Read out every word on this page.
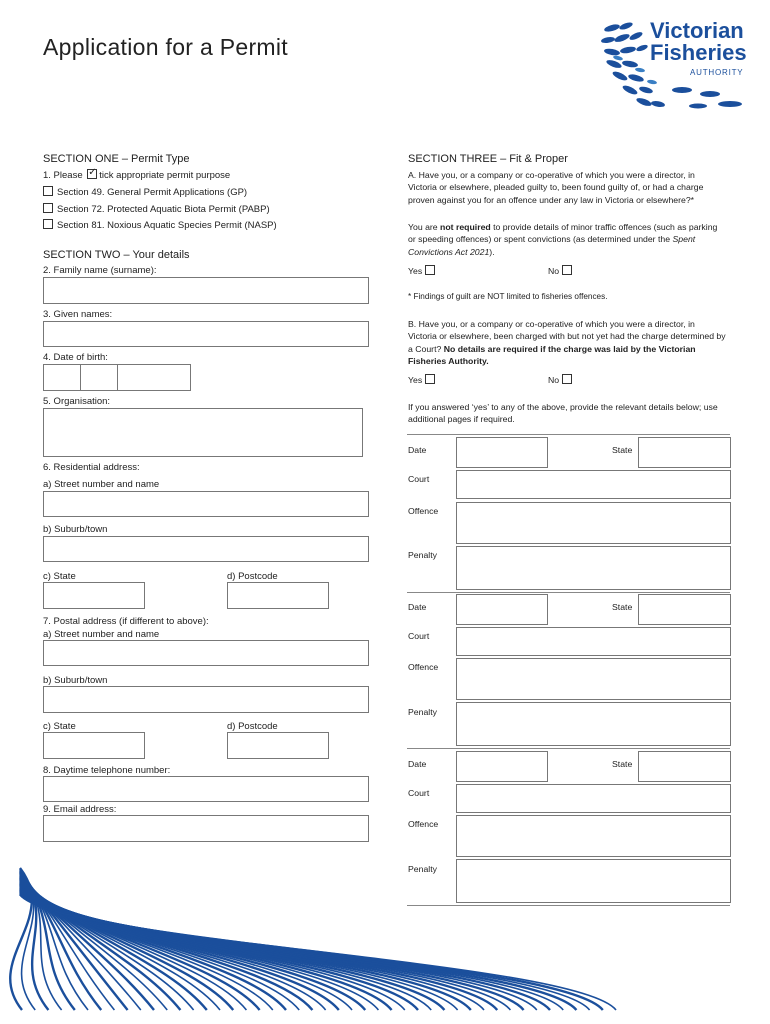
Application for a Permit
Victorian
Fisheries
AUTHORITY
SECTION ONE – Permit Type
1. Please ✓ tick appropriate permit purpose
Section 49. General Permit Applications (GP)
Section 72. Protected Aquatic Biota Permit (PABP)
Section 81. Noxious Aquatic Species Permit (NASP)
SECTION TWO – Your details
2. Family name (surname):
3. Given names:
4. Date of birth:
5. Organisation:
6. Residential address:
a) Street number and name
b) Suburb/town
c) State	d) Postcode
7. Postal address (if different to above):
a) Street number and name
b) Suburb/town
c) State	d) Postcode
8. Daytime telephone number:
9. Email address:
SECTION THREE – Fit & Proper
A. Have you, or a company or co-operative of which you were a director, in Victoria or elsewhere, pleaded guilty to, been found guilty of, or had a charge proven against you for an offence under any law in Victoria or elsewhere?*
You are not required to provide details of minor traffic offences (such as parking or speeding offences) or spent convictions (as determined under the Spent Convictions Act 2021).
Yes	No
* Findings of guilt are NOT limited to fisheries offences.
B. Have you, or a company or co-operative of which you were a director, in Victoria or elsewhere, been charged with but not yet had the charge determined by a Court? No details are required if the charge was laid by the Victorian Fisheries Authority.
Yes	No
If you answered ‘yes’ to any of the above, provide the relevant details below; use additional pages if required.
Date	State
Court
Offence
Penalty
Date	State
Court
Offence
Penalty
Date	State
Court
Offence
Penalty
